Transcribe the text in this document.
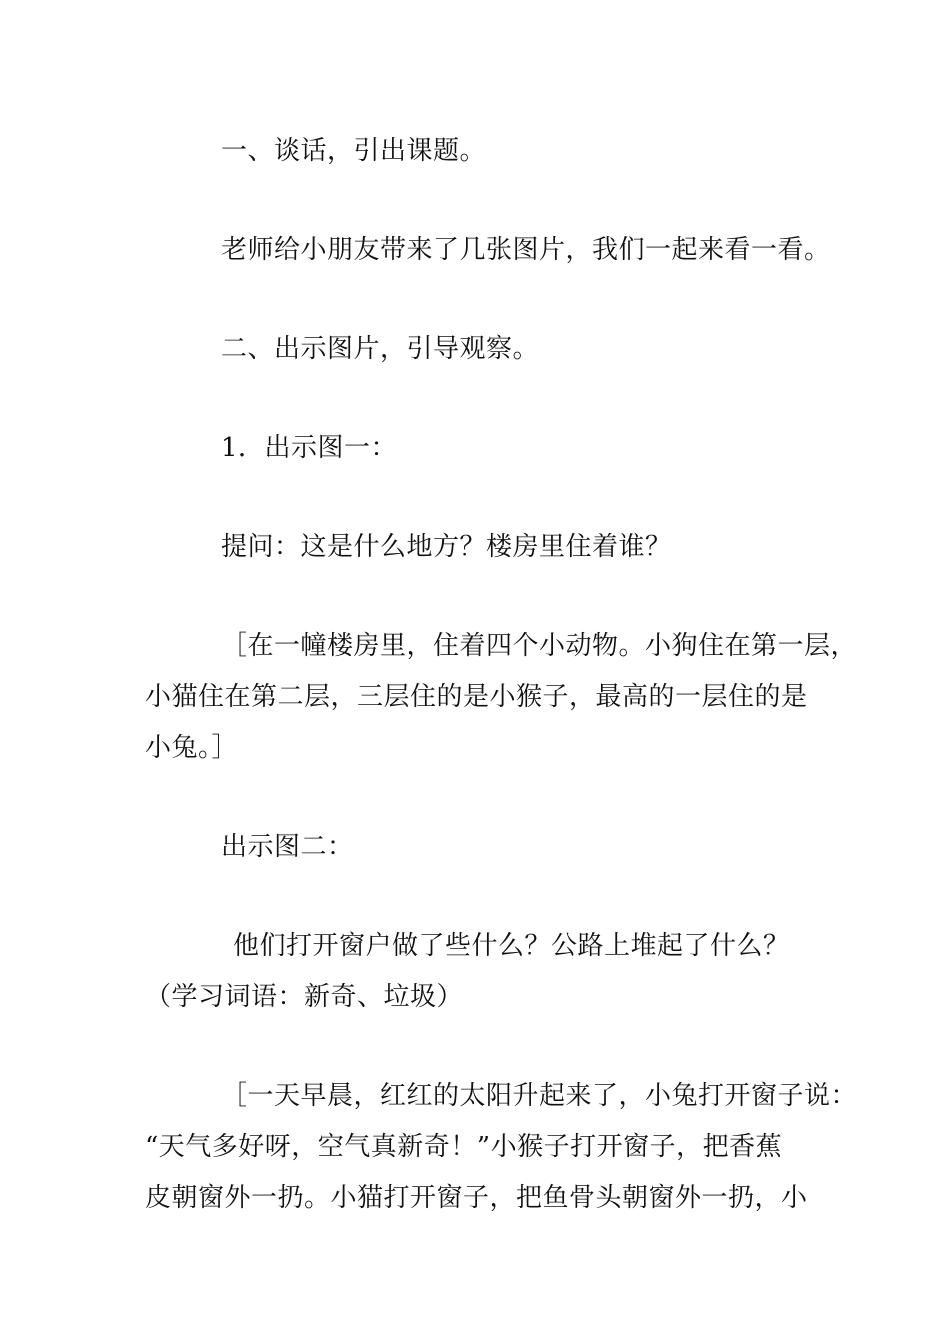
一、谈话，引出课题。
老师给小朋友带来了几张图片，我们一起来看一看。
二、出示图片，引导观察。
1．出示图一：
提问：这是什么地方？楼房里住着谁？
［在一幢楼房里，住着四个小动物。小狗住在第一层，
小猫住在第二层，三层住的是小猴子，最高的一层住的是
小兔。］
出示图二：
他们打开窗户做了些什么？公路上堆起了什么？
（学习词语：新奇、垃圾）
［一天早晨，红红的太阳升起来了，小兔打开窗子说：
“天气多好呀，空气真新奇！”小猴子打开窗子，把香蕉
皮朝窗外一扔。小猫打开窗子，把鱼骨头朝窗外一扔，小
